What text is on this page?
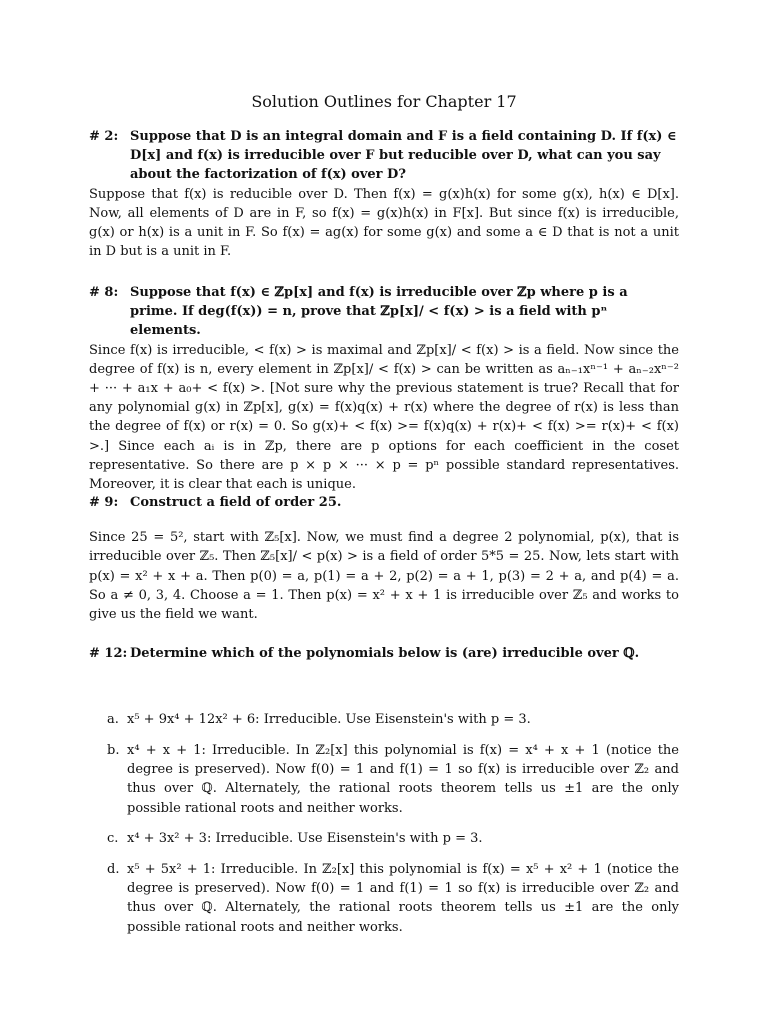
Solution Outlines for Chapter 17
# 2: Suppose that D is an integral domain and F is a field containing D. If f(x) ∈ D[x] and f(x) is irreducible over F but reducible over D, what can you say about the factorization of f(x) over D?
Suppose that f(x) is reducible over D. Then f(x) = g(x)h(x) for some g(x), h(x) ∈ D[x]. Now, all elements of D are in F, so f(x) = g(x)h(x) in F[x]. But since f(x) is irreducible, g(x) or h(x) is a unit in F. So f(x) = ag(x) for some g(x) and some a ∈ D that is not a unit in D but is a unit in F.
# 8: Suppose that f(x) ∈ ℤp[x] and f(x) is irreducible over ℤp where p is a prime. If deg(f(x)) = n, prove that ℤp[x]/ < f(x) > is a field with pⁿ elements.
Since f(x) is irreducible, < f(x) > is maximal and ℤp[x]/ < f(x) > is a field. Now since the degree of f(x) is n, every element in ℤp[x]/ < f(x) > can be written as aₙ₋₁xⁿ⁻¹ + aₙ₋₂xⁿ⁻² + ··· + a₁x + a₀+ < f(x) >. [Not sure why the previous statement is true? Recall that for any polynomial g(x) in ℤp[x], g(x) = f(x)q(x) + r(x) where the degree of r(x) is less than the degree of f(x) or r(x) = 0. So g(x)+ < f(x) >= f(x)q(x) + r(x)+ < f(x) >= r(x)+ < f(x) >.] Since each aᵢ is in ℤp, there are p options for each coefficient in the coset representative. So there are p × p × ··· × p = pⁿ possible standard representatives. Moreover, it is clear that each is unique.
# 9: Construct a field of order 25.
Since 25 = 5², start with ℤ₅[x]. Now, we must find a degree 2 polynomial, p(x), that is irreducible over ℤ₅. Then ℤ₅[x]/ < p(x) > is a field of order 5*5 = 25. Now, lets start with p(x) = x² + x + a. Then p(0) = a, p(1) = a + 2, p(2) = a + 1, p(3) = 2 + a, and p(4) = a. So a ≠ 0, 3, 4. Choose a = 1. Then p(x) = x² + x + 1 is irreducible over ℤ₅ and works to give us the field we want.
# 12: Determine which of the polynomials below is (are) irreducible over ℚ.
a. x⁵ + 9x⁴ + 12x² + 6: Irreducible. Use Eisenstein's with p = 3.
b. x⁴ + x + 1: Irreducible. In ℤ₂[x] this polynomial is f(x) = x⁴ + x + 1 (notice the degree is preserved). Now f(0) = 1 and f(1) = 1 so f(x) is irreducible over ℤ₂ and thus over ℚ. Alternately, the rational roots theorem tells us ±1 are the only possible rational roots and neither works.
c. x⁴ + 3x² + 3: Irreducible. Use Eisenstein's with p = 3.
d. x⁵ + 5x² + 1: Irreducible. In ℤ₂[x] this polynomial is f(x) = x⁵ + x² + 1 (notice the degree is preserved). Now f(0) = 1 and f(1) = 1 so f(x) is irreducible over ℤ₂ and thus over ℚ. Alternately, the rational roots theorem tells us ±1 are the only possible rational roots and neither works.
